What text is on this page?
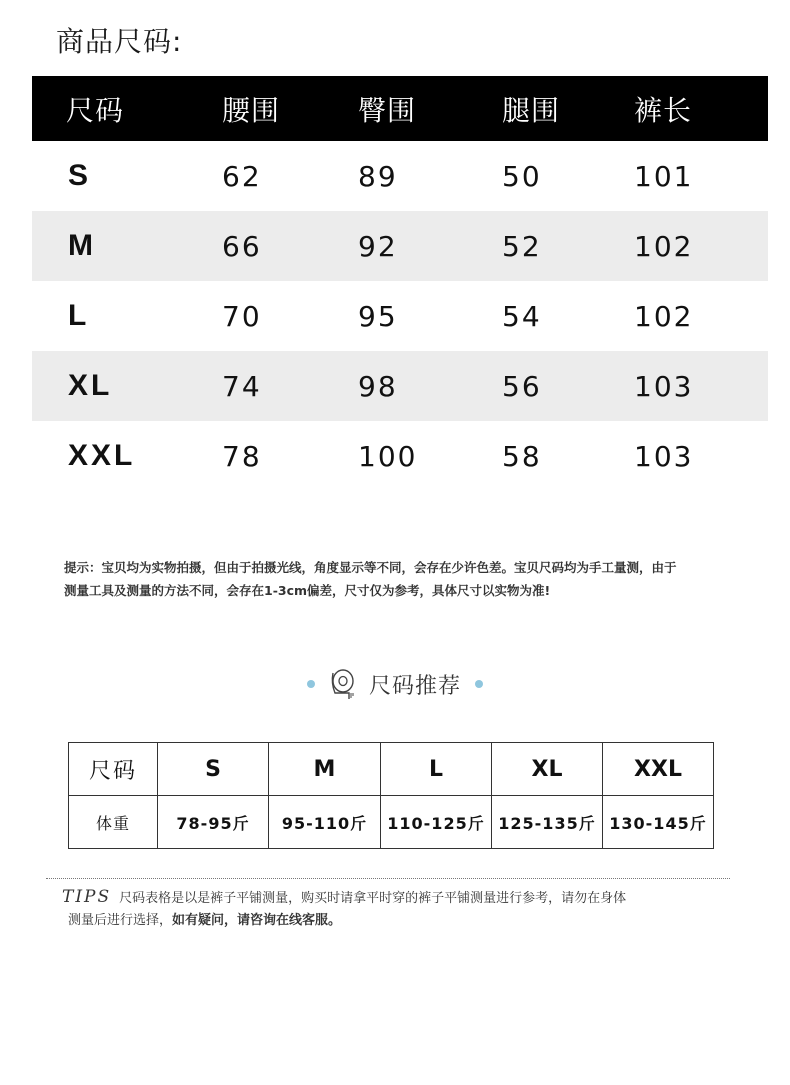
商品尺码:
尺码	腰围	臀围	腿围	裤长
S	62	89	50	101
M	66	92	52	102
L	70	95	54	102
XL	74	98	56	103
XXL	78	100	58	103
提示：宝贝均为实物拍摄，但由于拍摄光线，角度显示等不同，会存在少许色差。宝贝尺码均为手工量测，由于
测量工具及测量的方法不同，会存在1-3cm偏差，尺寸仅为参考，具体尺寸以实物为准!
尺码推荐
尺码	S	M	L	XL	XXL
体重	78-95斤	95-110斤	110-125斤	125-135斤	130-145斤
TIPS 尺码表格是以是裤子平铺测量，购买时请拿平时穿的裤子平铺测量进行参考，请勿在身体
测量后进行选择，如有疑问，请咨询在线客服。
